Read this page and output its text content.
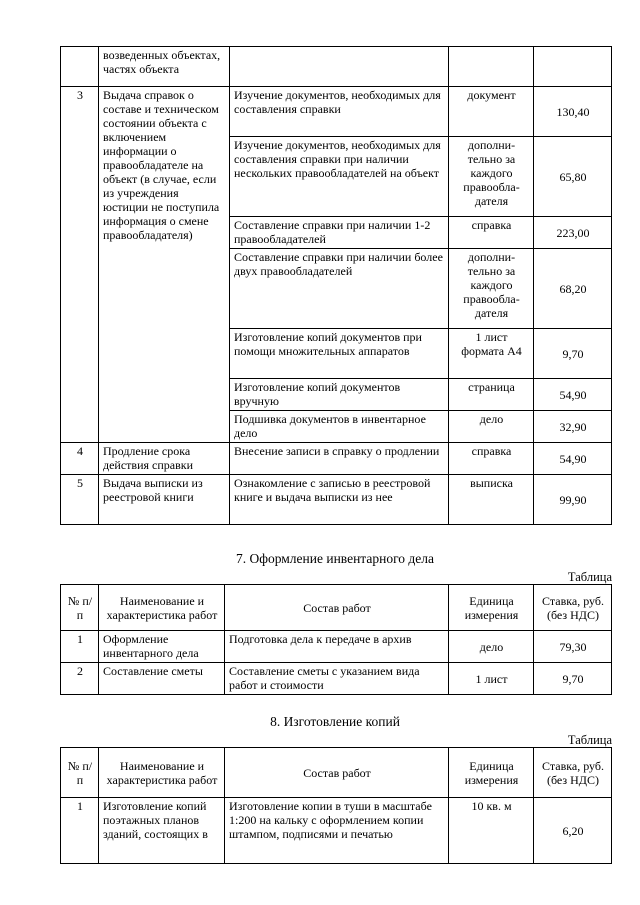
	возведенных объектах, частях объекта			
3	Выдача справок о составе и техническом состоянии объекта с включением информации о правообладателе на объект (в случае, если из учреждения юстиции не поступила информация о смене правообладателя)	Изучение документов, необходимых для составления справки	документ	130,40
		Изучение документов, необходимых для составления справки при наличии нескольких правообладателей на объект	дополни-тельно за каждого правообла-дателя	65,80
		Составление справки при наличии 1-2 правообладателей	справка	223,00
		Составление справки при наличии более двух правообладателей	дополни-тельно за каждого правообла-дателя	68,20
		Изготовление копий документов при помощи множительных аппаратов	1 лист формата А4	9,70
		Изготовление копий документов вручную	страница	54,90
		Подшивка документов в инвентарное дело	дело	32,90
4	Продление срока действия справки	Внесение записи в справку о продлении	справка	54,90
5	Выдача выписки из реестровой книги	Ознакомление с записью в реестровой книге и выдача выписки из нее	выписка	99,90
7. Оформление инвентарного дела
Таблица
№ п/п	Наименование и характеристика работ	Состав работ	Единица измерения	Ставка, руб. (без НДС)
1	Оформление инвентарного дела	Подготовка дела к передаче в архив	дело	79,30
2	Составление сметы	Составление сметы с указанием вида работ и стоимости	1 лист	9,70
8. Изготовление копий
Таблица
№ п/п	Наименование и характеристика работ	Состав работ	Единица измерения	Ставка, руб. (без НДС)
1	Изготовление копий поэтажных планов зданий, состоящих в	Изготовление копии в туши в масштабе 1:200 на кальку с оформлением копии штампом, подписями и печатью	10 кв. м	6,20
